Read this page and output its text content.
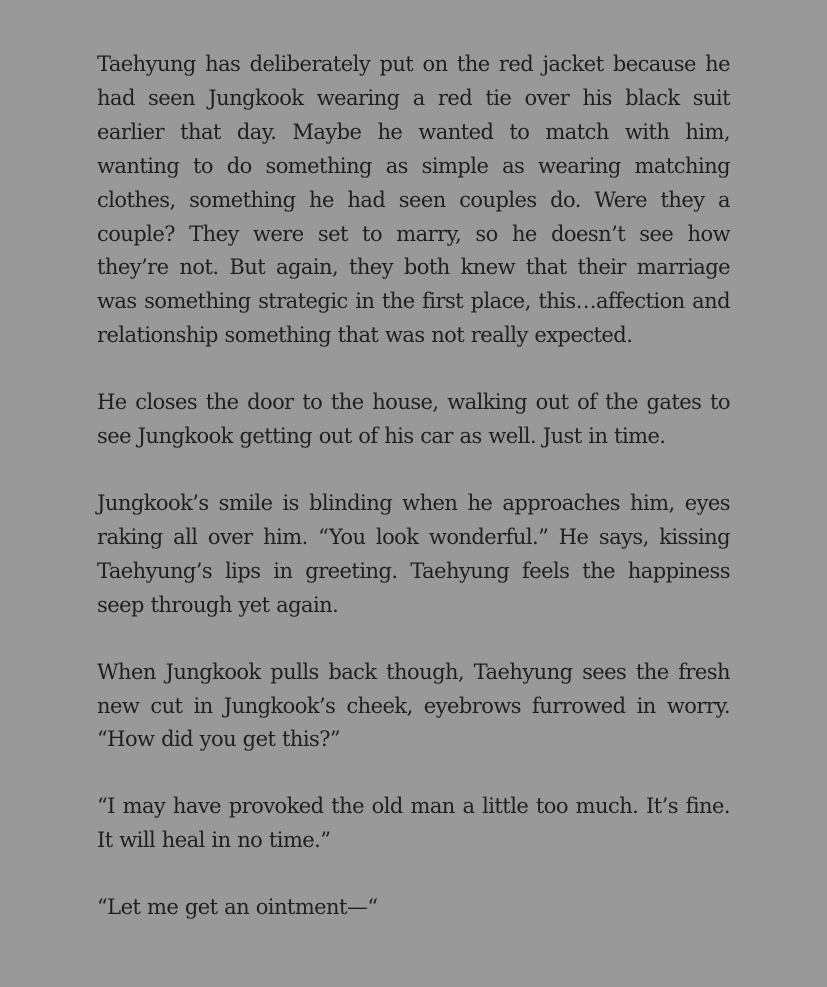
Taehyung has deliberately put on the red jacket because he had seen Jungkook wearing a red tie over his black suit earlier that day. Maybe he wanted to match with him, wanting to do something as simple as wearing matching clothes, something he had seen couples do. Were they a couple? They were set to marry, so he doesn’t see how they’re not. But again, they both knew that their marriage was something strategic in the first place, this…affection and relationship something that was not really expected.

He closes the door to the house, walking out of the gates to see Jungkook getting out of his car as well. Just in time.

Jungkook’s smile is blinding when he approaches him, eyes raking all over him. “You look wonderful.” He says, kissing Taehyung’s lips in greeting. Taehyung feels the happiness seep through yet again.

When Jungkook pulls back though, Taehyung sees the fresh new cut in Jungkook’s cheek, eyebrows furrowed in worry. “How did you get this?”

“I may have provoked the old man a little too much. It’s fine. It will heal in no time.”

“Let me get an ointment—“
